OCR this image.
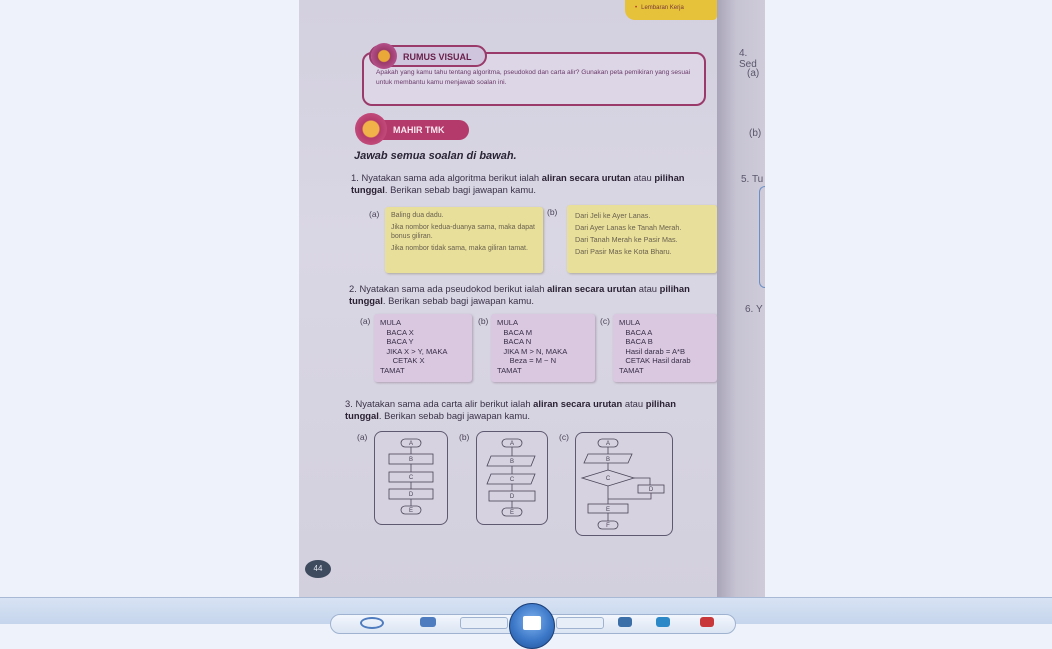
• Lembaran Kerja
RUMUS VISUAL
Apakah yang kamu tahu tentang algoritma, pseudokod dan carta alir? Gunakan peta pemikiran yang sesuai untuk membantu kamu menjawab soalan ini.
MAHIR TMK
Jawab semua soalan di bawah.
1. Nyatakan sama ada algoritma berikut ialah aliran secara urutan atau pilihan tunggal. Berikan sebab bagi jawapan kamu.
(a) Baling dua dadu.

Jika nombor kedua-duanya sama, maka dapat bonus giliran.

Jika nombor tidak sama, maka giliran tamat.

(b) Dari Jeli ke Ayer Lanas.

Dari Ayer Lanas ke Tanah Merah.

Dari Tanah Merah ke Pasir Mas.

Dari Pasir Mas ke Kota Bharu.

2. Nyatakan sama ada pseudokod berikut ialah aliran secara urutan atau pilihan tunggal. Berikan sebab bagi jawapan kamu.
(a) MULA

BACA X

BACA Y

JIKA X > Y, MAKA

CETAK X

TAMAT

(b) MULA

BACA M

BACA N

JIKA M > N, MAKA

Beza = M − N

TAMAT

(c) MULA

BACA A

BACA B

Hasil darab = A*B

CETAK Hasil darab

TAMAT

3. Nyatakan sama ada carta alir berikut ialah aliran secara urutan atau pilihan tunggal. Berikan sebab bagi jawapan kamu.
(a)
A
B
C
D
E
(b)
A
B
C
D
E
(c)
A
B
C
D
E
F
44
4. Sed
(a)
(b)
5. Tu
6. Y
